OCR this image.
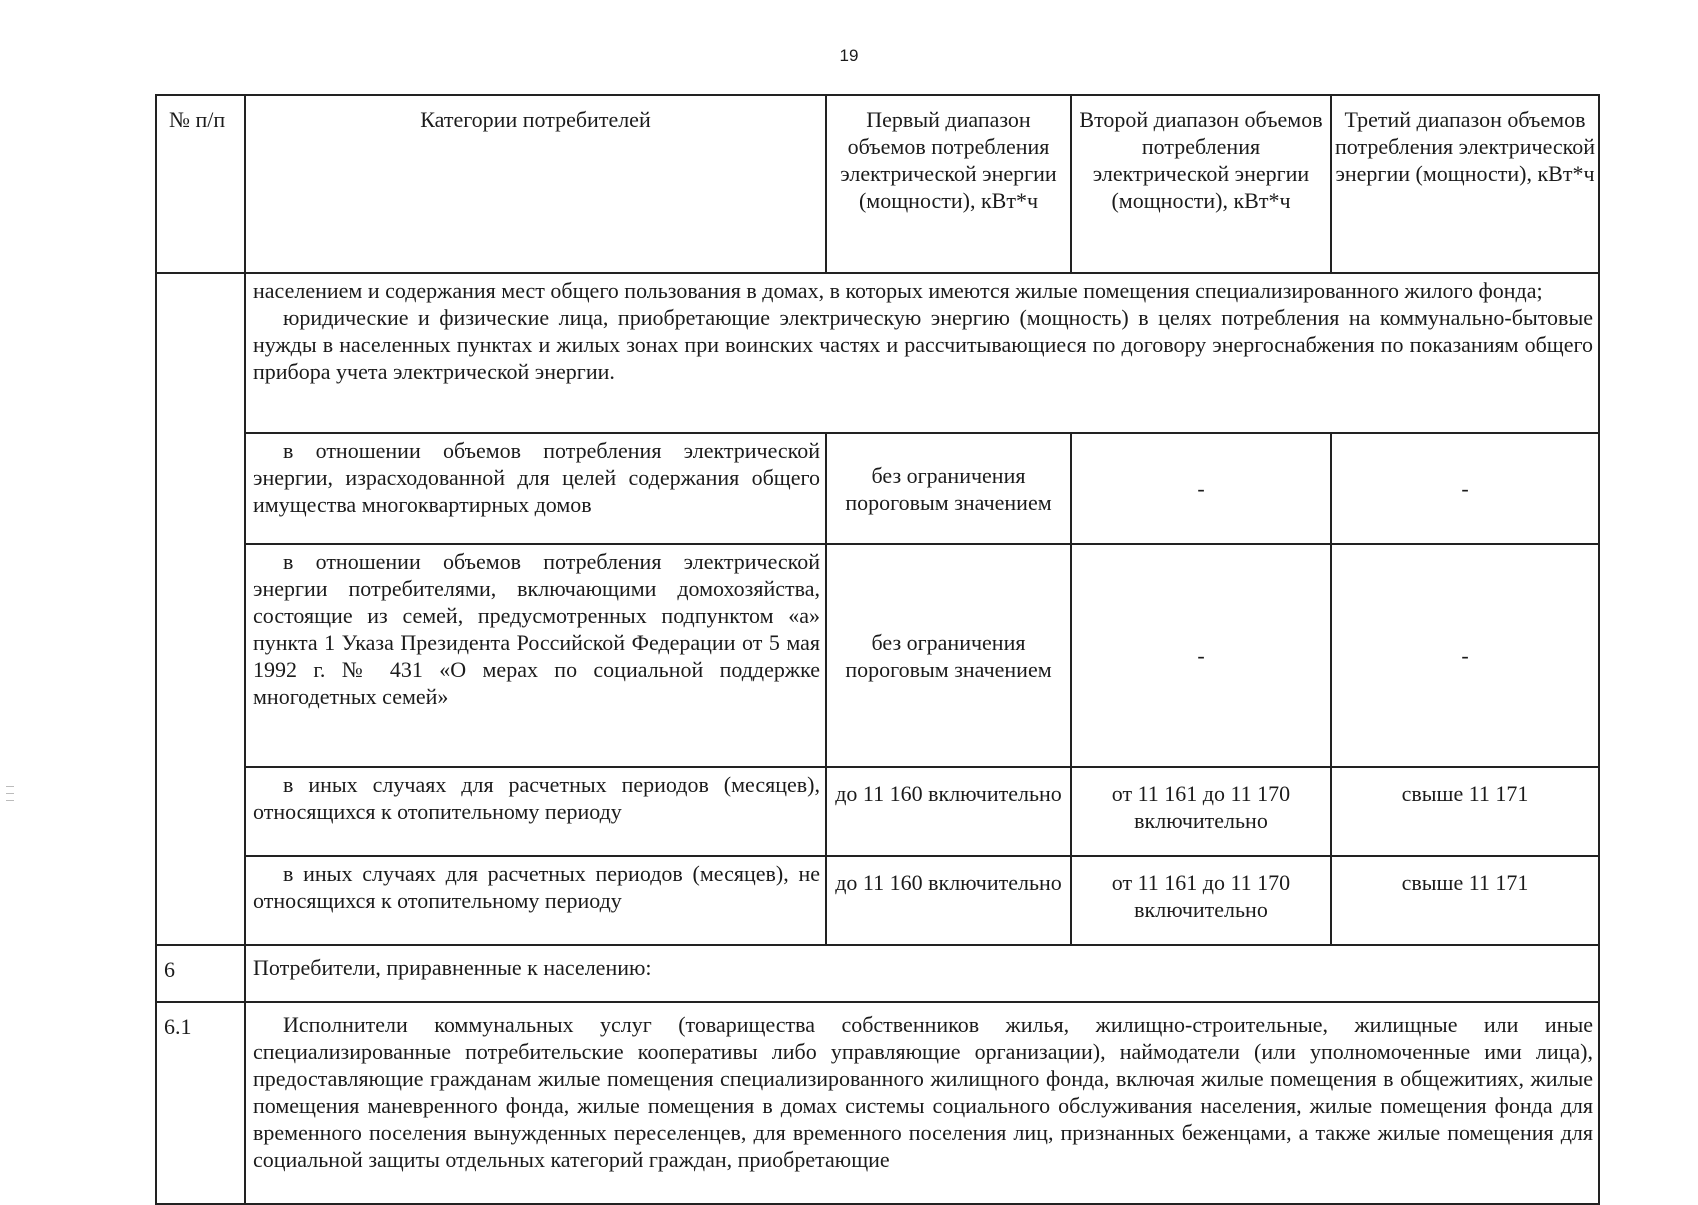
19
№ п/п	Категории потребителей	Первый диапазон объемов потребления электрической энергии (мощности), кВт*ч	Второй диапазон объемов потребления электрической энергии (мощности), кВт*ч	Третий диапазон объемов потребления электрической энергии (мощности), кВт*ч

	населением и содержания мест общего пользования в домах, в которых имеются жилые помещения специализированного жилого фонда;

юридические и физические лица, приобретающие электрическую энергию (мощность) в целях потребления на коммунально-бытовые нужды в населенных пунктах и жилых зонах при воинских частях и рассчитывающиеся по договору энергоснабжения по показаниям общего прибора учета электрической энергии.			

	в отношении объемов потребления электрической энергии, израсходованной для целей содержания общего имущества многоквартирных домов	без ограничения пороговым значением	-	-

	в отношении объемов потребления электрической энергии потребителями, включающими домохозяйства, состоящие из семей, предусмотренных подпунктом «а» пункта 1 Указа Президента Российской Федерации от 5 мая 1992 г. № 431 «О мерах по социальной поддержке многодетных семей»	без ограничения пороговым значением	-	-

	в иных случаях для расчетных периодов (месяцев), относящихся к отопительному периоду	до 11 160 включительно	от 11 161 до 11 170 включительно	свыше 11 171

	в иных случаях для расчетных периодов (месяцев), не относящихся к отопительному периоду	до 11 160 включительно	от 11 161 до 11 170 включительно	свыше 11 171
6	Потребители, приравненные к населению:			

6.1	Исполнители коммунальных услуг (товарищества собственников жилья, жилищно-строительные, жилищные или иные специализированные потребительские кооперативы либо управляющие организации), наймодатели (или уполномоченные ими лица), предоставляющие гражданам жилые помещения специализированного жилищного фонда, включая жилые помещения в общежитиях, жилые помещения маневренного фонда, жилые помещения в домах системы социального обслуживания населения, жилые помещения фонда для временного поселения вынужденных переселенцев, для временного поселения лиц, признанных беженцами, а также жилые помещения для социальной защиты отдельных категорий граждан, приобретающие			
